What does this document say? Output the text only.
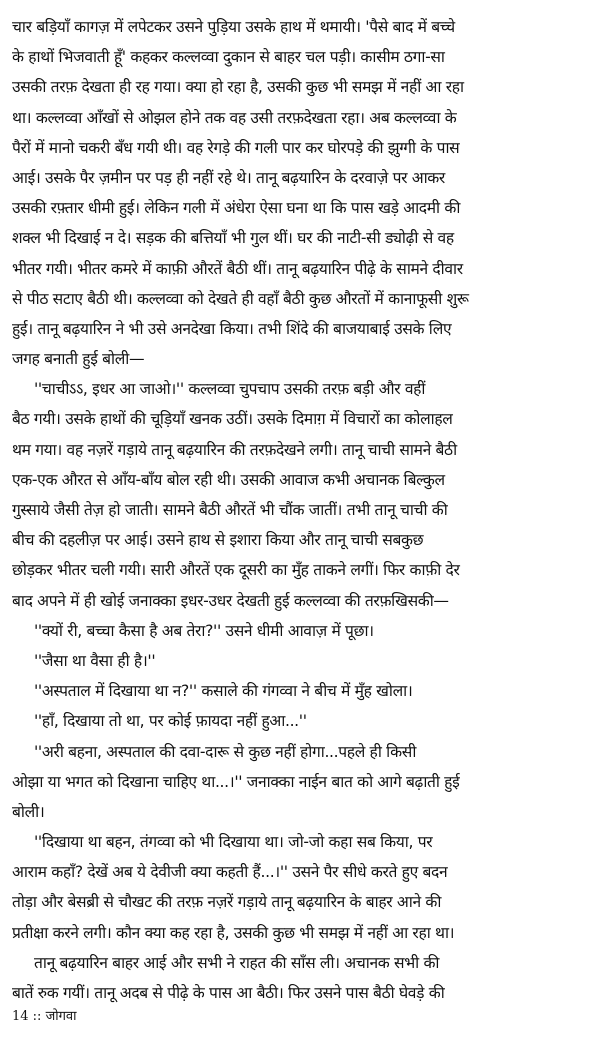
चार बड़ियाँ कागज़ में लपेटकर उसने पुड़िया उसके हाथ में थमायी। 'पैसे बाद में बच्चे
के हाथों भिजवाती हूँ' कहकर कल्लव्वा दुकान से बाहर चल पड़ी। कासीम ठगा-सा
उसकी तरफ़ देखता ही रह गया। क्या हो रहा है, उसकी कुछ भी समझ में नहीं आ रहा
था। कल्लव्वा आँखों से ओझल होने तक वह उसी तरफ़देखता रहा। अब कल्लव्वा के
पैरों में मानो चकरी बँध गयी थी। वह रेगड़े की गली पार कर घोरपड़े की झुग्गी के पास
आई। उसके पैर ज़मीन पर पड़ ही नहीं रहे थे। तानू बढ़यारिन के दरवाज़े पर आकर
उसकी रफ़्तार धीमी हुई। लेकिन गली में अंधेरा ऐसा घना था कि पास खड़े आदमी की
शक्ल भी दिखाई न दे। सड़क की बत्तियाँ भी गुल थीं। घर की नाटी-सी ड्योढ़ी से वह
भीतर गयी। भीतर कमरे में काफ़ी औरतें बैठी थीं। तानू बढ़यारिन पीढ़े के सामने दीवार
से पीठ सटाए बैठी थी। कल्लव्वा को देखते ही वहाँ बैठी कुछ औरतों में कानाफूसी शुरू
हुई। तानू बढ़यारिन ने भी उसे अनदेखा किया। तभी शिंदे की बाजयाबाई उसके लिए
जगह बनाती हुई बोली—
''चाचीऽऽ, इधर आ जाओ।'' कल्लव्वा चुपचाप उसकी तरफ़ बड़ी और वहीं
बैठ गयी। उसके हाथों की चूड़ियाँ खनक उठीं। उसके दिमाग़ में विचारों का कोलाहल
थम गया। वह नज़रें गड़ाये तानू बढ़यारिन की तरफ़देखने लगी। तानू चाची सामने बैठी
एक-एक औरत से आँय-बाँय बोल रही थी। उसकी आवाज कभी अचानक बिल्कुल
गुस्साये जैसी तेज़ हो जाती। सामने बैठी औरतें भी चौंक जातीं। तभी तानू चाची की
बीच की दहलीज़ पर आई। उसने हाथ से इशारा किया और तानू चाची सबकुछ
छोड़कर भीतर चली गयी। सारी औरतें एक दूसरी का मुँह ताकने लगीं। फिर काफ़ी देर
बाद अपने में ही खोई जनाक्का इधर-उधर देखती हुई कल्लव्वा की तरफ़खिसकी—
''क्यों री, बच्चा कैसा है अब तेरा?'' उसने धीमी आवाज़ में पूछा।
''जैसा था वैसा ही है।''
''अस्पताल में दिखाया था न?'' कसाले की गंगव्वा ने बीच में मुँह खोला।
''हाँ, दिखाया तो था, पर कोई फ़ायदा नहीं हुआ...''
''अरी बहना, अस्पताल की दवा-दारू से कुछ नहीं होगा...पहले ही किसी
ओझा या भगत को दिखाना चाहिए था...।'' जनाक्का नाईन बात को आगे बढ़ाती हुई
बोली।
''दिखाया था बहन, तंगव्वा को भी दिखाया था। जो-जो कहा सब किया, पर
आराम कहाँ? देखें अब ये देवीजी क्या कहती हैं...।'' उसने पैर सीधे करते हुए बदन
तोड़ा और बेसब्री से चौखट की तरफ़ नज़रें गड़ाये तानू बढ़यारिन के बाहर आने की
प्रतीक्षा करने लगी। कौन क्या कह रहा है, उसकी कुछ भी समझ में नहीं आ रहा था।
तानू बढ़यारिन बाहर आई और सभी ने राहत की साँस ली। अचानक सभी की
बातें रुक गयीं। तानू अदब से पीढ़े के पास आ बैठी। फिर उसने पास बैठी घेवड़े की
14 :: जोगवा
